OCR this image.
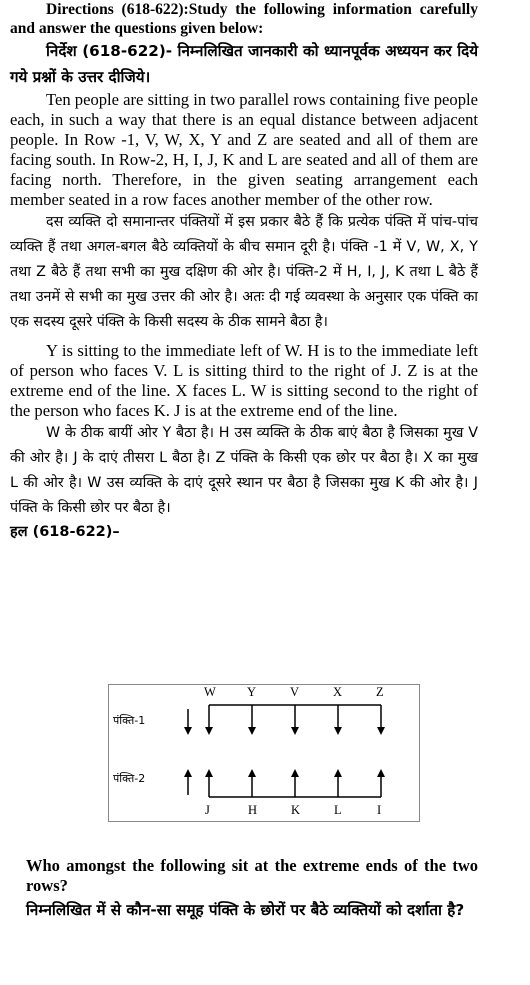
Directions (618-622):Study the following information carefully and answer the questions given below:

निर्देश (618-622)- निम्नलिखित जानकारी को ध्यानपूर्वक अध्ययन कर दिये गये प्रश्नों के उत्तर दीजिये।

Ten people are sitting in two parallel rows containing five people each, in such a way that there is an equal distance between adjacent people. In Row -1, V, W, X, Y and Z are seated and all of them are facing south. In Row-2, H, I, J, K and L are seated and all of them are facing north. Therefore, in the given seating arrangement each member seated in a row faces another member of the other row.

दस व्यक्ति दो समानान्तर पंक्तियों में इस प्रकार बैठे हैं कि प्रत्येक पंक्ति में पांच-पांच व्यक्ति हैं तथा अगल-बगल बैठे व्यक्तियों के बीच समान दूरी है। पंक्ति -1 में V, W, X, Y तथा Z बैठे हैं तथा सभी का मुख दक्षिण की ओर है। पंक्ति-2 में H, I, J, K तथा L बैठे हैं तथा उनमें से सभी का मुख उत्तर की ओर है। अतः दी गई व्यवस्था के अनुसार एक पंक्ति का एक सदस्य दूसरे पंक्ति के किसी सदस्य के ठीक सामने बैठा है।

Y is sitting to the immediate left of W. H is to the immediate left of person who faces V. L is sitting third to the right of J. Z is at the extreme end of the line. X faces L. W is sitting second to the right of the person who faces K. J is at the extreme end of the line.

W के ठीक बायीं ओर Y बैठा है। H उस व्यक्ति के ठीक बाएं बैठा है जिसका मुख V की ओर है। J के दाएं तीसरा L बैठा है। Z पंक्ति के किसी एक छोर पर बैठा है। X का मुख L की ओर है। W उस व्यक्ति के दाएं दूसरे स्थान पर बैठा है जिसका मुख K की ओर है। J पंक्ति के किसी छोर पर बैठा है।

हल (618-622)–

पंक्ति-1
पंक्ति-2
W
J
Y
H
V
K
X
L
Z
I

Who amongst the following sit at the extreme ends of the two rows?

निम्नलिखित में से कौन-सा समूह पंक्ति के छोरों पर बैठे व्यक्तियों को दर्शाता है?
